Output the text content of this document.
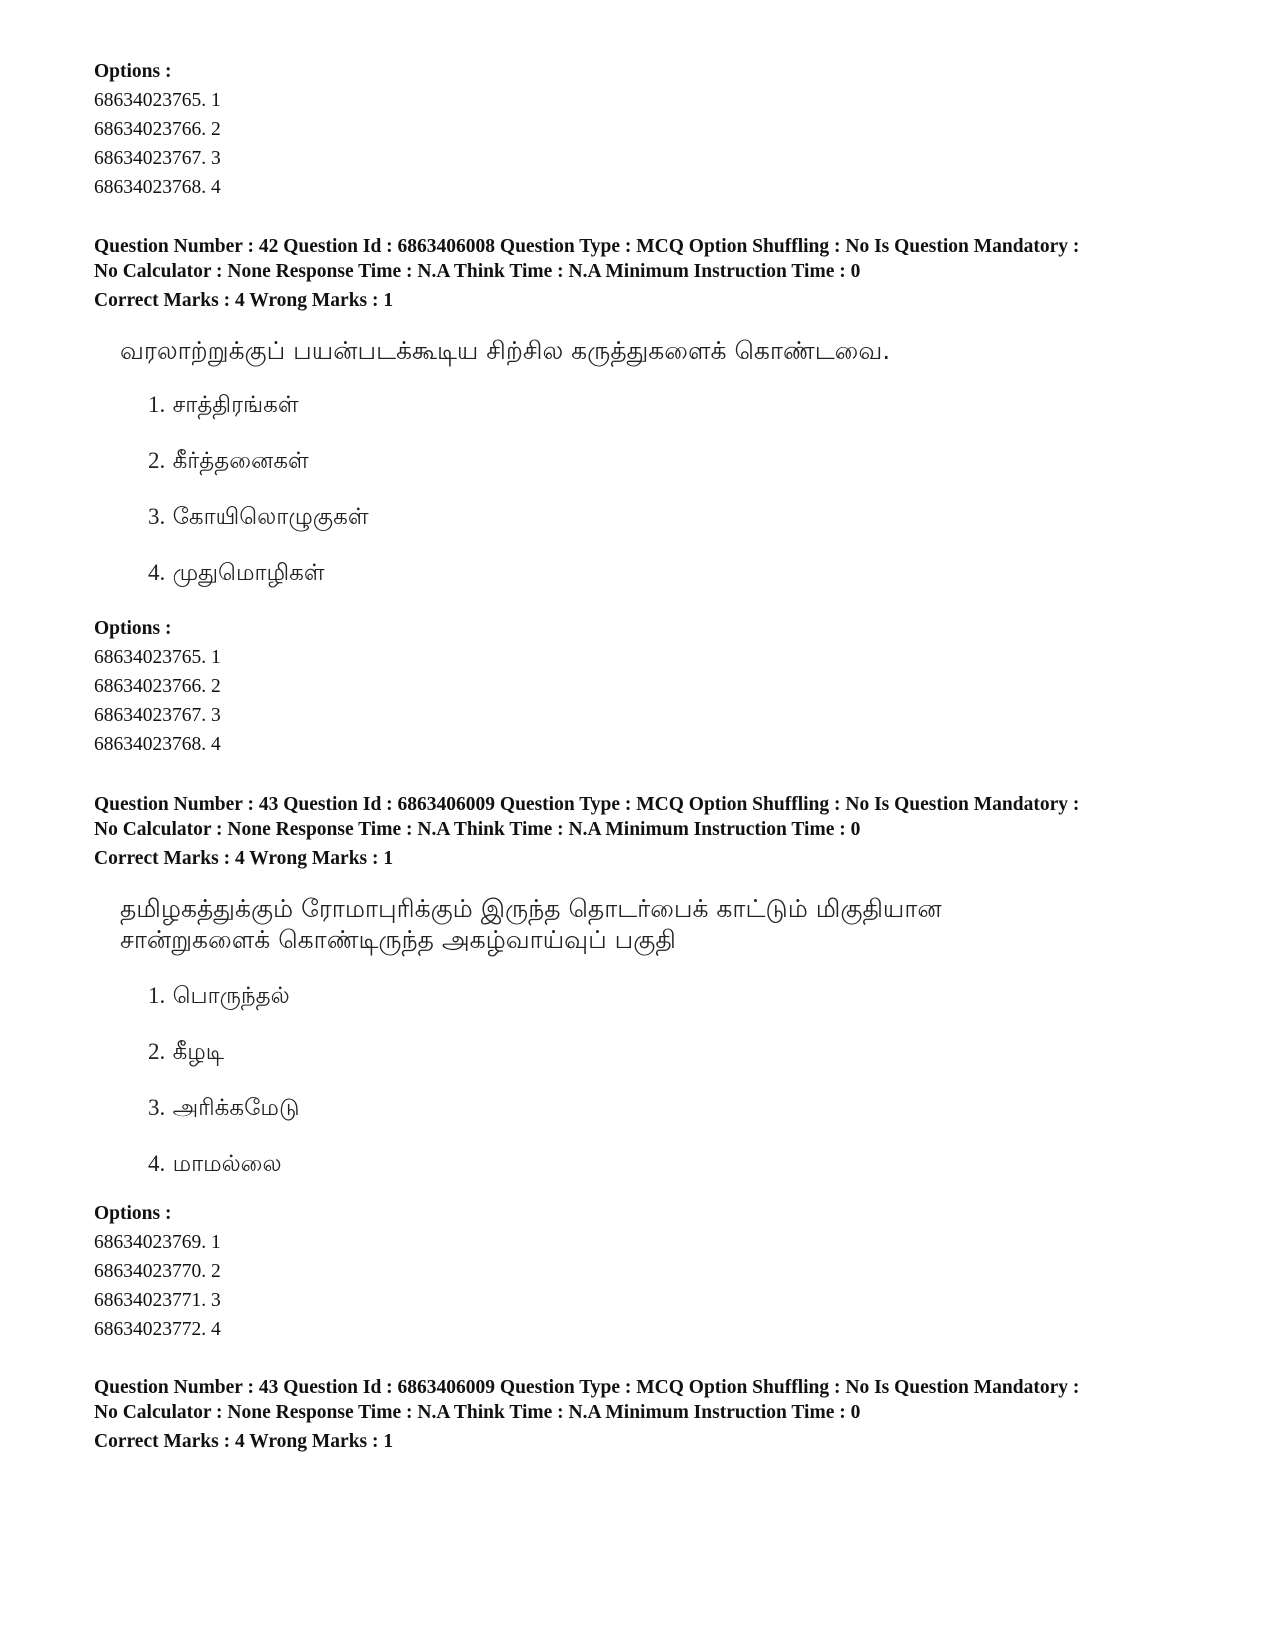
Options :

68634023765. 1

68634023766. 2

68634023767. 3

68634023768. 4

Question Number : 42 Question Id : 6863406008 Question Type : MCQ Option Shuffling : No Is Question Mandatory :

No Calculator : None Response Time : N.A Think Time : N.A Minimum Instruction Time : 0

Correct Marks : 4 Wrong Marks : 1

வரலாற்றுக்குப் பயன்படக்கூடிய சிற்சில கருத்துகளைக் கொண்டவை.

1. சாத்திரங்கள்

2. கீர்த்தனைகள்

3. கோயிலொழுகுகள்

4. முதுமொழிகள்

Options :

68634023765. 1

68634023766. 2

68634023767. 3

68634023768. 4

Question Number : 43 Question Id : 6863406009 Question Type : MCQ Option Shuffling : No Is Question Mandatory :

No Calculator : None Response Time : N.A Think Time : N.A Minimum Instruction Time : 0

Correct Marks : 4 Wrong Marks : 1

தமிழகத்துக்கும் ரோமாபுரிக்கும் இருந்த தொடர்பைக் காட்டும் மிகுதியான

சான்றுகளைக் கொண்டிருந்த அகழ்வாய்வுப் பகுதி

1. பொருந்தல்

2. கீழடி

3. அரிக்கமேடு

4. மாமல்லை

Options :

68634023769. 1

68634023770. 2

68634023771. 3

68634023772. 4

Question Number : 43 Question Id : 6863406009 Question Type : MCQ Option Shuffling : No Is Question Mandatory :

No Calculator : None Response Time : N.A Think Time : N.A Minimum Instruction Time : 0

Correct Marks : 4 Wrong Marks : 1
